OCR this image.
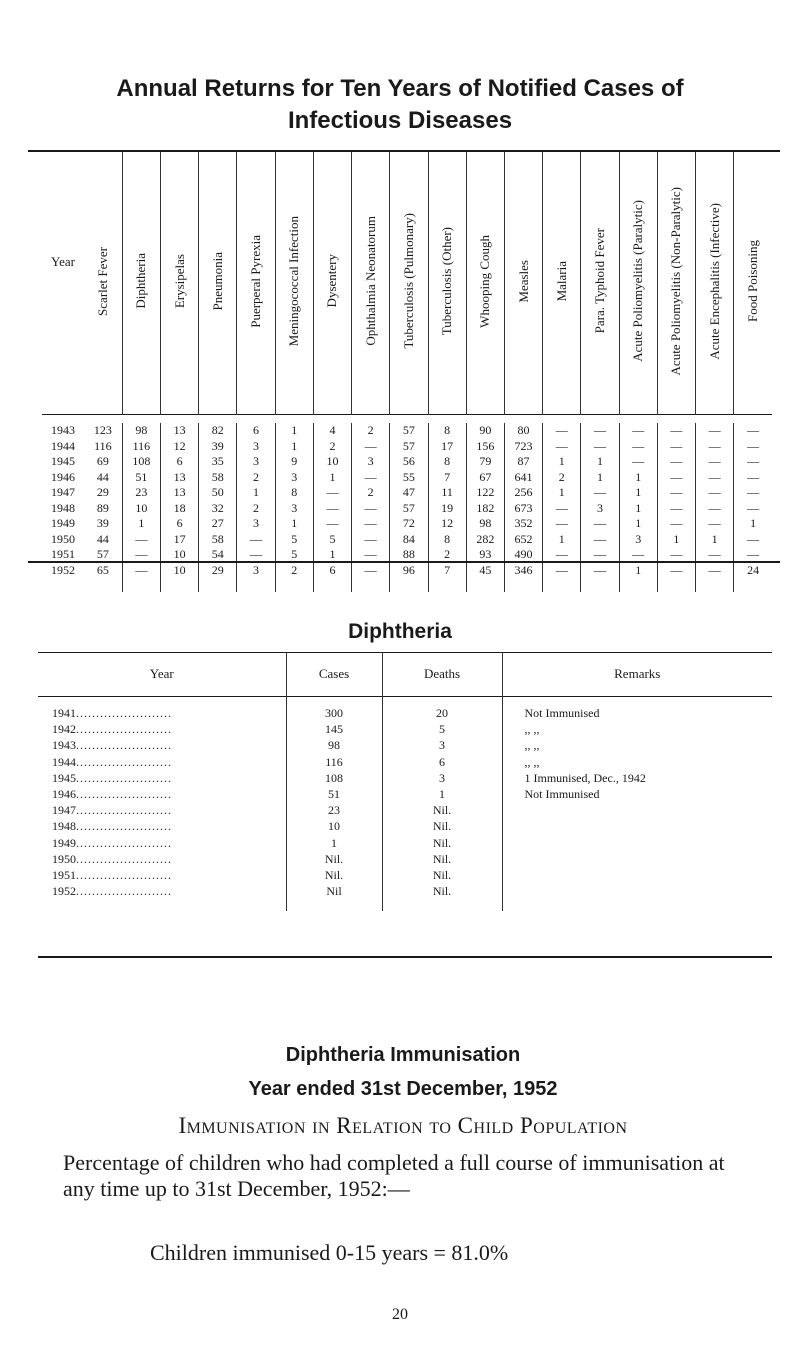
Annual Returns for Ten Years of Notified Cases of
Infectious Diseases
Year	Scarlet Fever	Diphtheria	Erysipelas	Pneumonia	Puerperal Pyrexia	Meningococcal Infection	Dysentery	Ophthalmia Neonatorum	Tuberculosis (Pulmonary)	Tuberculosis (Other)	Whooping Cough	Measles	Malaria	Para. Typhoid Fever	Acute Poliomyelitis (Paralytic)	Acute Poliomyelitis (Non-Paralytic)	Acute Encephalitis (Infective)	Food Poisoning

1943	123	98	13	82	6	1	4	2	57	8	90	80	—	—	—	—	—	—
1944	116	116	12	39	3	1	2	—	57	17	156	723	—	—	—	—	—	—
1945	69	108	6	35	3	9	10	3	56	8	79	87	1	1	—	—	—	—
1946	44	51	13	58	2	3	1	—	55	7	67	641	2	1	1	—	—	—
1947	29	23	13	50	1	8	—	2	47	11	122	256	1	—	1	—	—	—
1948	89	10	18	32	2	3	—	—	57	19	182	673	—	3	1	—	—	—
1949	39	1	6	27	3	1	—	—	72	12	98	352	—	—	1	—	—	1
1950	44	—	17	58	—	5	5	—	84	8	282	652	1	—	3	1	1	—
1951	57	—	10	54	—	5	1	—	88	2	93	490	—	—	—	—	—	—
1952	65	—	10	29	3	2	6	—	96	7	45	346	—	—	1	—	—	24
Diphtheria
Year	Cases	Deaths	Remarks

1941. . . . . . . . . . . . . . . . . . . . . . . .	300	20	Not Immunised
1942. . . . . . . . . . . . . . . . . . . . . . . .	145	5	,, ,,
1943. . . . . . . . . . . . . . . . . . . . . . . .	98	3	,, ,,
1944. . . . . . . . . . . . . . . . . . . . . . . .	116	6	,, ,,
1945. . . . . . . . . . . . . . . . . . . . . . . .	108	3	1 Immunised, Dec., 1942
1946. . . . . . . . . . . . . . . . . . . . . . . .	51	1	Not Immunised
1947. . . . . . . . . . . . . . . . . . . . . . . .	23	Nil.	
1948. . . . . . . . . . . . . . . . . . . . . . . .	10	Nil.	
1949. . . . . . . . . . . . . . . . . . . . . . . .	1	Nil.	
1950. . . . . . . . . . . . . . . . . . . . . . . .	Nil.	Nil.	
1951. . . . . . . . . . . . . . . . . . . . . . . .	Nil.	Nil.	
1952. . . . . . . . . . . . . . . . . . . . . . . .	Nil	Nil.	
Diphtheria Immunisation
Year ended 31st December, 1952
Immunisation in Relation to Child Population
Percentage of children who had completed a full course of immunisation at any time up to 31st December, 1952:—
Children immunised 0-15 years = 81.0%
20
